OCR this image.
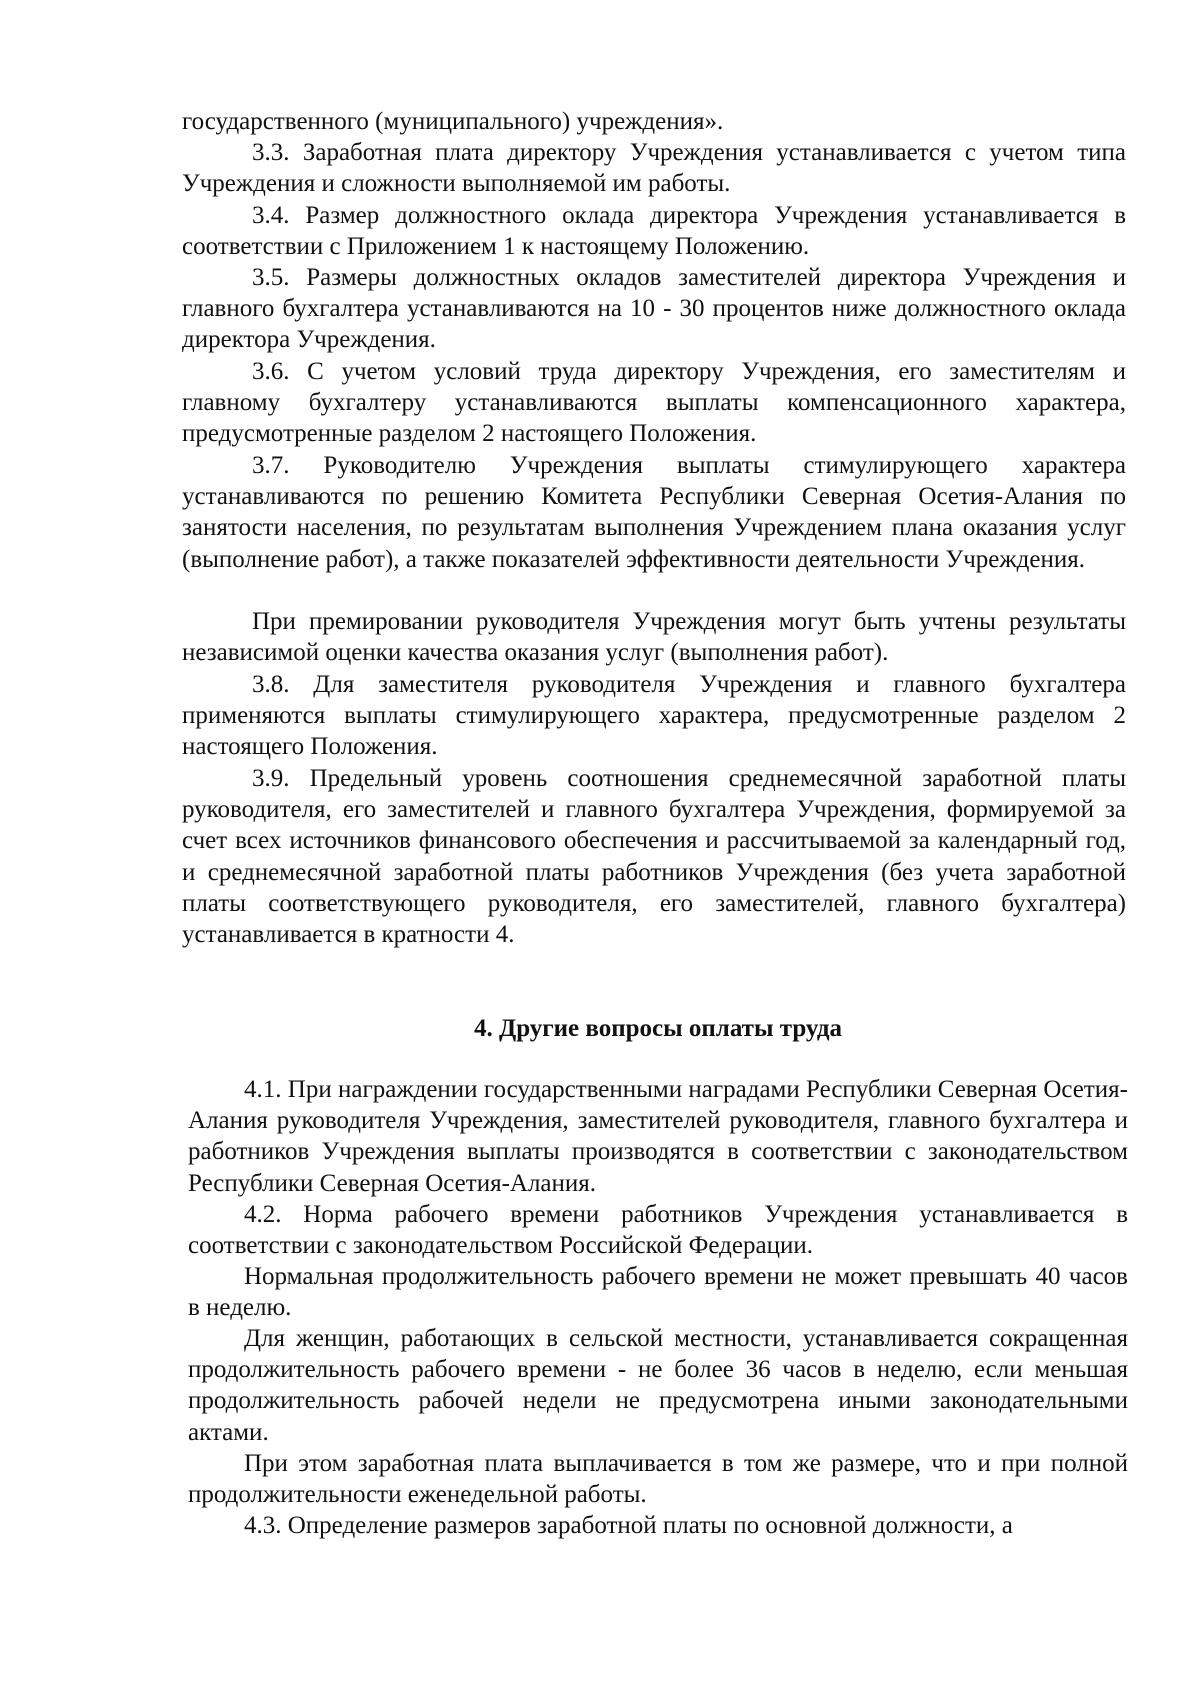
государственного (муниципального) учреждения».
3.3. Заработная плата директору Учреждения устанавливается с учетом типа Учреждения и сложности выполняемой им работы.
3.4. Размер должностного оклада директора Учреждения устанавливается в соответствии с Приложением 1 к настоящему Положению.
3.5. Размеры должностных окладов заместителей директора Учреждения и главного бухгалтера устанавливаются на 10 - 30 процентов ниже должностного оклада директора Учреждения.
3.6. С учетом условий труда директору Учреждения, его заместителям и главному бухгалтеру устанавливаются выплаты компенсационного характера, предусмотренные разделом 2 настоящего Положения.
3.7. Руководителю Учреждения выплаты стимулирующего характера устанавливаются по решению Комитета Республики Северная Осетия-Алания по занятости населения, по результатам выполнения Учреждением плана оказания услуг (выполнение работ), а также показателей эффективности деятельности Учреждения.
При премировании руководителя Учреждения могут быть учтены результаты независимой оценки качества оказания услуг (выполнения работ).
3.8. Для заместителя руководителя Учреждения и главного бухгалтера применяются выплаты стимулирующего характера, предусмотренные разделом 2 настоящего Положения.
3.9. Предельный уровень соотношения среднемесячной заработной платы руководителя, его заместителей и главного бухгалтера Учреждения, формируемой за счет всех источников финансового обеспечения и рассчитываемой за календарный год, и среднемесячной заработной платы работников Учреждения (без учета заработной платы соответствующего руководителя, его заместителей, главного бухгалтера) устанавливается в кратности 4.
4. Другие вопросы оплаты труда
4.1. При награждении государственными наградами Республики Северная Осетия-Алания руководителя Учреждения, заместителей руководителя, главного бухгалтера и работников Учреждения выплаты производятся в соответствии с законодательством Республики Северная Осетия-Алания.
4.2. Норма рабочего времени работников Учреждения устанавливается в соответствии с законодательством Российской Федерации.
Нормальная продолжительность рабочего времени не может превышать 40 часов в неделю.
Для женщин, работающих в сельской местности, устанавливается сокращенная продолжительность рабочего времени - не более 36 часов в неделю, если меньшая продолжительность рабочей недели не предусмотрена иными законодательными актами.
При этом заработная плата выплачивается в том же размере, что и при полной продолжительности еженедельной работы.
4.3. Определение размеров заработной платы по основной должности, а
